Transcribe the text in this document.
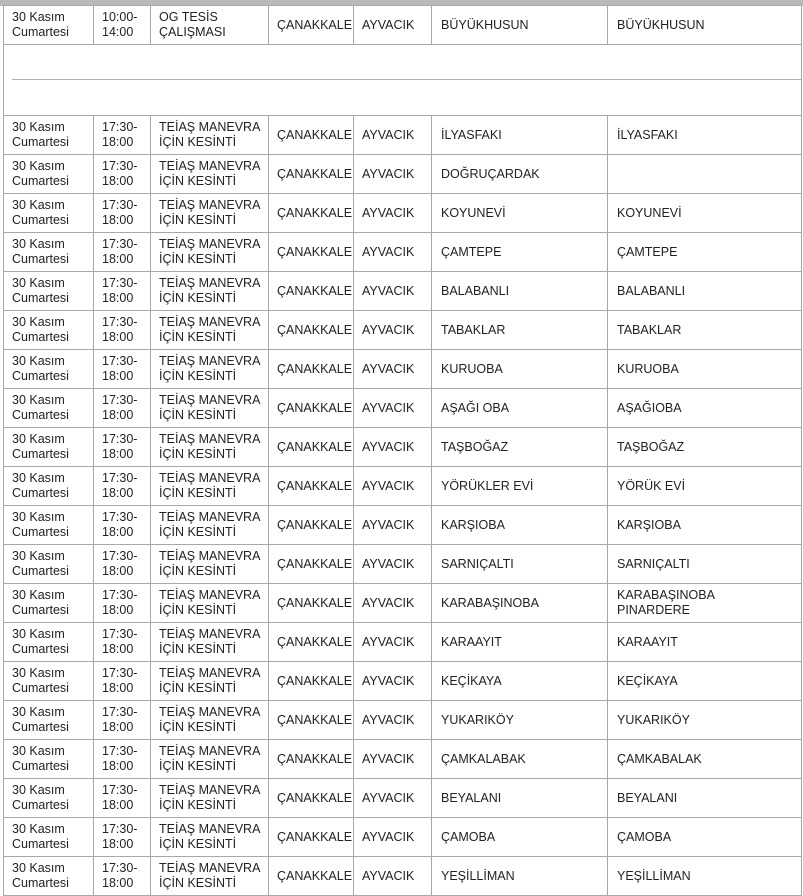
30 Kasım
Cumartesi	10:00-
14:00	OG TESİS
ÇALIŞMASI	ÇANAKKALE	AYVACIK	BÜYÜKHUSUN	BÜYÜKHUSUN

30 Kasım
Cumartesi	17:30-
18:00	TEİAŞ MANEVRA
İÇİN KESİNTİ	ÇANAKKALE	AYVACIK	İLYASFAKI	İLYASFAKI
30 Kasım
Cumartesi	17:30-
18:00	TEİAŞ MANEVRA
İÇİN KESİNTİ	ÇANAKKALE	AYVACIK	DOĞRUÇARDAK	
30 Kasım
Cumartesi	17:30-
18:00	TEİAŞ MANEVRA
İÇİN KESİNTİ	ÇANAKKALE	AYVACIK	KOYUNEVİ	KOYUNEVİ
30 Kasım
Cumartesi	17:30-
18:00	TEİAŞ MANEVRA
İÇİN KESİNTİ	ÇANAKKALE	AYVACIK	ÇAMTEPE	ÇAMTEPE
30 Kasım
Cumartesi	17:30-
18:00	TEİAŞ MANEVRA
İÇİN KESİNTİ	ÇANAKKALE	AYVACIK	BALABANLI	BALABANLI
30 Kasım
Cumartesi	17:30-
18:00	TEİAŞ MANEVRA
İÇİN KESİNTİ	ÇANAKKALE	AYVACIK	TABAKLAR	TABAKLAR
30 Kasım
Cumartesi	17:30-
18:00	TEİAŞ MANEVRA
İÇİN KESİNTİ	ÇANAKKALE	AYVACIK	KURUOBA	KURUOBA
30 Kasım
Cumartesi	17:30-
18:00	TEİAŞ MANEVRA
İÇİN KESİNTİ	ÇANAKKALE	AYVACIK	AŞAĞI OBA	AŞAĞIOBA
30 Kasım
Cumartesi	17:30-
18:00	TEİAŞ MANEVRA
İÇİN KESİNTİ	ÇANAKKALE	AYVACIK	TAŞBOĞAZ	TAŞBOĞAZ
30 Kasım
Cumartesi	17:30-
18:00	TEİAŞ MANEVRA
İÇİN KESİNTİ	ÇANAKKALE	AYVACIK	YÖRÜKLER EVİ	YÖRÜK EVİ
30 Kasım
Cumartesi	17:30-
18:00	TEİAŞ MANEVRA
İÇİN KESİNTİ	ÇANAKKALE	AYVACIK	KARŞIOBA	KARŞIOBA
30 Kasım
Cumartesi	17:30-
18:00	TEİAŞ MANEVRA
İÇİN KESİNTİ	ÇANAKKALE	AYVACIK	SARNIÇALTI	SARNIÇALTI
30 Kasım
Cumartesi	17:30-
18:00	TEİAŞ MANEVRA
İÇİN KESİNTİ	ÇANAKKALE	AYVACIK	KARABAŞINOBA	KARABAŞINOBA
PINARDERE
30 Kasım
Cumartesi	17:30-
18:00	TEİAŞ MANEVRA
İÇİN KESİNTİ	ÇANAKKALE	AYVACIK	KARAAYIT	KARAAYIT
30 Kasım
Cumartesi	17:30-
18:00	TEİAŞ MANEVRA
İÇİN KESİNTİ	ÇANAKKALE	AYVACIK	KEÇİKAYA	KEÇİKAYA
30 Kasım
Cumartesi	17:30-
18:00	TEİAŞ MANEVRA
İÇİN KESİNTİ	ÇANAKKALE	AYVACIK	YUKARIKÖY	YUKARIKÖY
30 Kasım
Cumartesi	17:30-
18:00	TEİAŞ MANEVRA
İÇİN KESİNTİ	ÇANAKKALE	AYVACIK	ÇAMKALABAK	ÇAMKABALAK
30 Kasım
Cumartesi	17:30-
18:00	TEİAŞ MANEVRA
İÇİN KESİNTİ	ÇANAKKALE	AYVACIK	BEYALANI	BEYALANI
30 Kasım
Cumartesi	17:30-
18:00	TEİAŞ MANEVRA
İÇİN KESİNTİ	ÇANAKKALE	AYVACIK	ÇAMOBA	ÇAMOBA
30 Kasım
Cumartesi	17:30-
18:00	TEİAŞ MANEVRA
İÇİN KESİNTİ	ÇANAKKALE	AYVACIK	YEŞİLLİMAN	YEŞİLLİMAN
